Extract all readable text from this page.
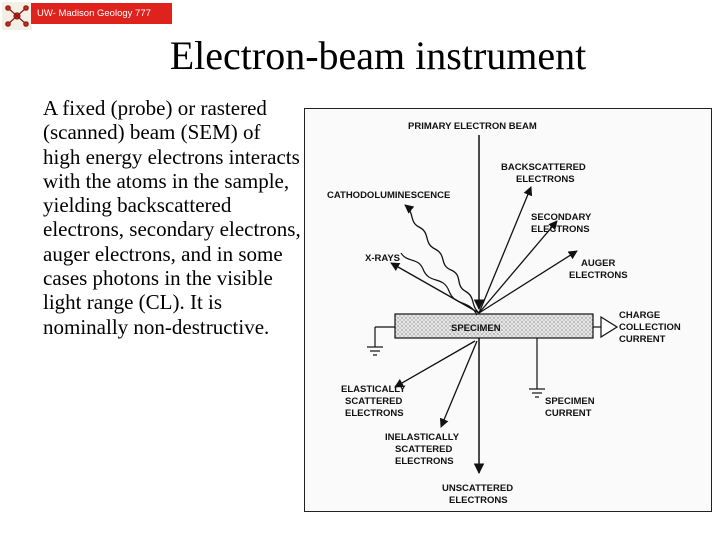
UW- Madison Geology 777
Electron-beam instrument
A fixed (probe) or rastered (scanned) beam (SEM) of high energy electrons interacts with the atoms in the sample, yielding backscattered electrons, secondary electrons, auger electrons, and in some cases photons in the visible light range (CL). It is nominally non-destructive.
PRIMARY ELECTRON BEAM
BACKSCATTERED ELECTRONS
CATHODOLUMINESCENCE
SECONDARY ELECTRONS
X-RAYS	AUGER ELECTRONS
SPECIMEN
CHARGE COLLECTION CURRENT
ELASTICALLY SCATTERED ELECTRONS
SPECIMEN CURRENT
INELASTICALLY SCATTERED ELECTRONS
UNSCATTERED ELECTRONS
